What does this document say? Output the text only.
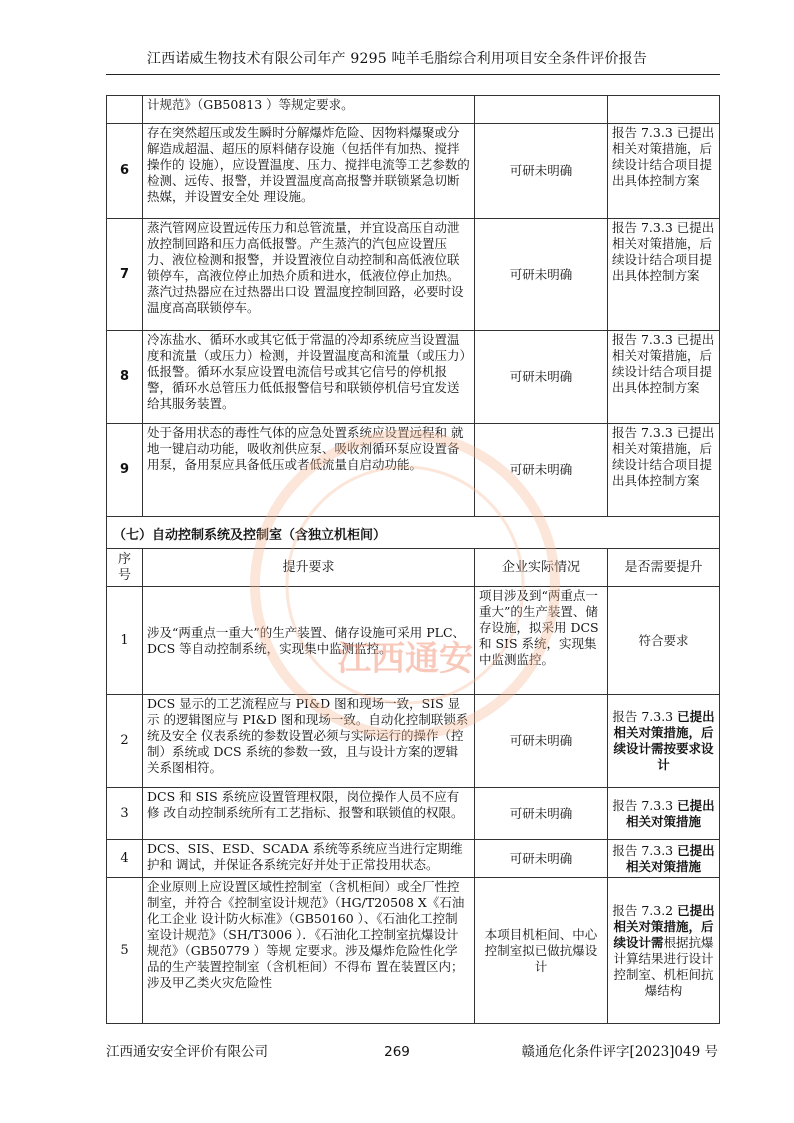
江西诺威生物技术有限公司年产 9295 吨羊毛脂综合利用项目安全条件评价报告
	计规范》（GB50813 ）等规定要求。		
6	存在突然超压或发生瞬时分解爆炸危险、因物料爆聚或分解造成超温、超压的原料储存设施（包括伴有加热、搅拌操作的 设施），应设置温度、压力、搅拌电流等工艺参数的检测、远传、报警，并设置温度高高报警并联锁紧急切断热媒，并设置安全处 理设施。	可研未明确	报告 7.3.3 已提出相关对策措施，后续设计结合项目提出具体控制方案
7	蒸汽管网应设置远传压力和总管流量，并宜设高压自动泄 放控制回路和压力高低报警。产生蒸汽的汽包应设置压力、液位检测和报警，并设置液位自动控制和高低液位联锁停车，高液位停止加热介质和进水，低液位停止加热。蒸汽过热器应在过热器出口设 置温度控制回路，必要时设温度高高联锁停车。	可研未明确	报告 7.3.3 已提出相关对策措施，后续设计结合项目提出具体控制方案
8	冷冻盐水、循环水或其它低于常温的冷却系统应当设置温度和流量（或压力）检测，并设置温度高和流量（或压力）低报警。循环水泵应设置电流信号或其它信号的停机报警，循环水总管压力低低报警信号和联锁停机信号宜发送给其服务装置。	可研未明确	报告 7.3.3 已提出相关对策措施，后续设计结合项目提出具体控制方案
9	处于备用状态的毒性气体的应急处置系统应设置远程和 就地一键启动功能，吸收剂供应泵、吸收剂循环泵应设置备用泵，备用泵应具备低压或者低流量自启动功能。	可研未明确	报告 7.3.3 已提出相关对策措施，后续设计结合项目提出具体控制方案
（七）自动控制系统及控制室（含独立机柜间）			
序号	提升要求	企业实际情况	是否需要提升
1	涉及“两重点一重大”的生产装置、储存设施可采用 PLC、 DCS 等自动控制系统，实现集中监测监控。	项目涉及到“两重点一重大”的生产装置、储存设施，拟采用 DCS 和 SIS 系统，实现集中监测监控。	符合要求
2	DCS 显示的工艺流程应与 PI&D 图和现场一致，SIS 显示 的逻辑图应与 PI&D 图和现场一致。自动化控制联锁系统及安全 仪表系统的参数设置必须与实际运行的操作（控制）系统或 DCS 系统的参数一致，且与设计方案的逻辑关系图相符。	可研未明确	报告 7.3.3 已提出相关对策措施，后续设计需按要求设计
3	DCS 和 SIS 系统应设置管理权限，岗位操作人员不应有修 改自动控制系统所有工艺指标、报警和联锁值的权限。	可研未明确	报告 7.3.3 已提出相关对策措施
4	DCS、SIS、ESD、SCADA 系统等系统应当进行定期维护和 调试，并保证各系统完好并处于正常投用状态。	可研未明确	报告 7.3.3 已提出相关对策措施
5	企业原则上应设置区域性控制室（含机柜间）或全厂性控制室，并符合《控制室设计规范》（HG/T20508 X《石油化工企业 设计防火标准》（GB50160 ）、《石油化工控制室设计规范》（SH/T3006 ）．《石油化工控制室抗爆设计规范》（GB50779 ）等规 定要求。涉及爆炸危险性化学品的生产装置控制室（含机柜间）不得布 置在装置区内；涉及甲乙类火灾危险性	本项目机柜间、中心控制室拟已做抗爆设计	报告 7.3.2 已提出相关对策措施，后续设计需根据抗爆计算结果进行设计控制室、机柜间抗爆结构
江西通安
江西通安安全评价有限公司	269	赣通危化条件评字[2023]049 号
